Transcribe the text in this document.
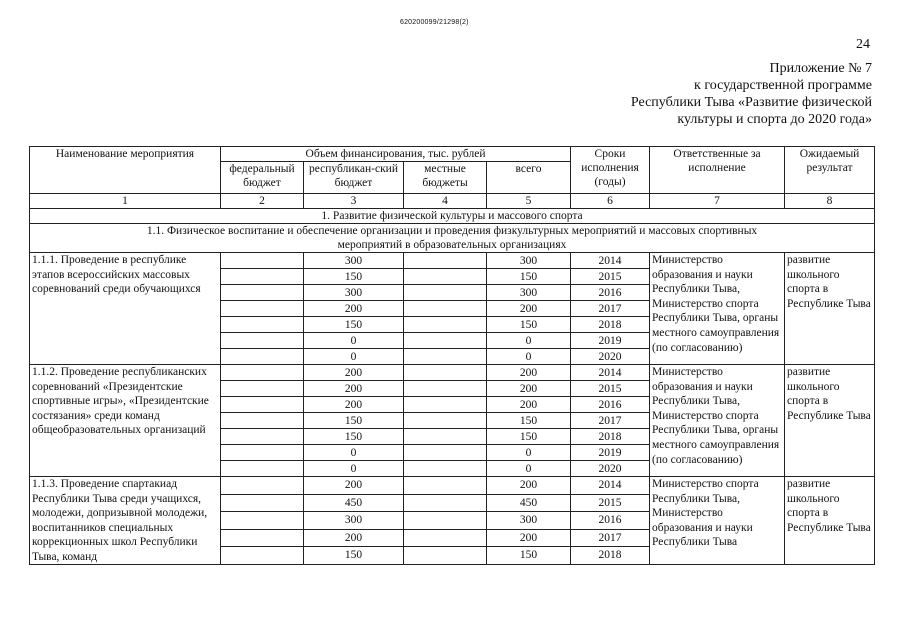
620200099/21298(2)
24
Приложение № 7
к государственной программе
Республики Тыва «Развитие физической
культуры и спорта до 2020 года»
Наименование мероприятия	Объем финансирования, тыс. рублей				Сроки исполнения (годы)	Ответственные за исполнение	Ожидаемый результат
	федеральный бюджет	республикан-ский бюджет	местные бюджеты	всего			
1	2	3	4	5	6	7	8
1. Развитие физической культуры и массового спорта							
1.1. Физическое воспитание и обеспечение организации и проведения физкультурных мероприятий и массовых спортивных мероприятий в образовательных организациях							
1.1.1. Проведение в республике этапов всероссийских массовых соревнований среди обучающихся		300		300	2014	Министерство образования и науки Республики Тыва, Министерство спорта Республики Тыва, органы местного самоуправления (по согласованию)	развитие школьного спорта в Республике Тыва
		150		150	2015		
		300		300	2016		
		200		200	2017		
		150		150	2018		
		0		0	2019		
		0		0	2020		
1.1.2. Проведение республиканских соревнований «Президентские спортивные игры», «Президентские состязания» среди команд общеобразовательных организаций		200		200	2014	Министерство образования и науки Республики Тыва, Министерство спорта Республики Тыва, органы местного самоуправления (по согласованию)	развитие школьного спорта в Республике Тыва
		200		200	2015		
		200		200	2016		
		150		150	2017		
		150		150	2018		
		0		0	2019		
		0		0	2020		
1.1.3. Проведение спартакиад Республики Тыва среди учащихся, молодежи, допризывной молодежи, воспитанников специальных коррекционных школ Республики Тыва, команд		200		200	2014	Министерство спорта Республики Тыва, Министерство образования и науки Республики Тыва	развитие школьного спорта в Республике Тыва
		450		450	2015		
		300		300	2016		
		200		200	2017		
		150		150	2018		
